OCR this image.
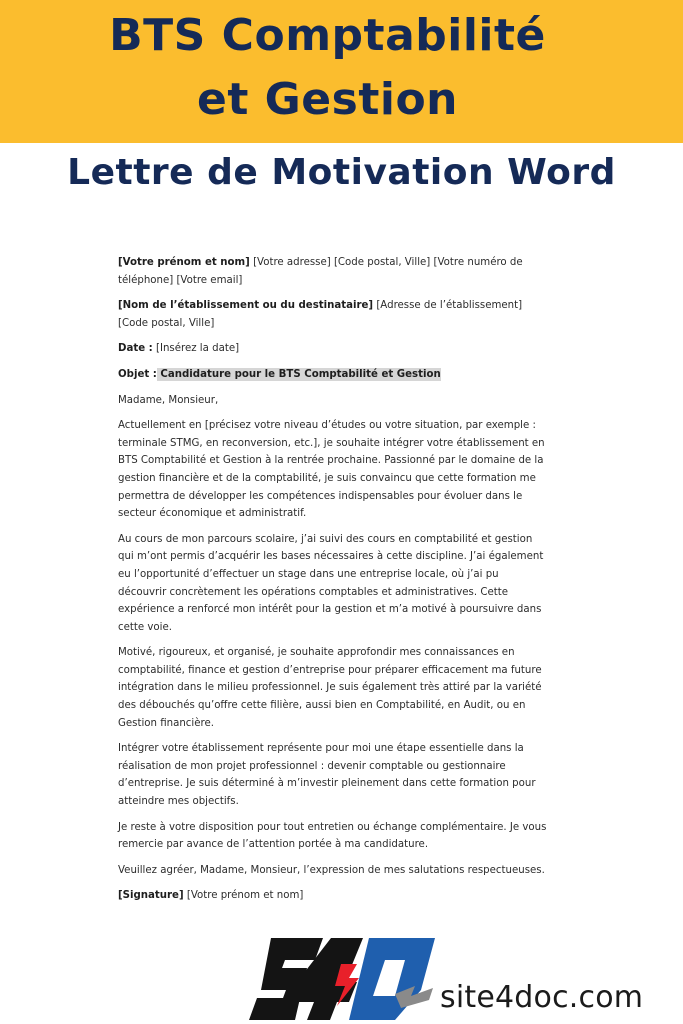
BTS Comptabilité
et Gestion
Lettre de Motivation Word

[Votre prénom et nom] [Votre adresse] [Code postal, Ville] [Votre numéro de téléphone] [Votre email]

[Nom de l’établissement ou du destinataire] [Adresse de l’établissement] [Code postal, Ville]

Date : [Insérez la date]

Objet : Candidature pour le BTS Comptabilité et Gestion

Madame, Monsieur,

Actuellement en [précisez votre niveau d’études ou votre situation, par exemple : terminale STMG, en reconversion, etc.], je souhaite intégrer votre établissement en BTS Comptabilité et Gestion à la rentrée prochaine. Passionné par le domaine de la gestion financière et de la comptabilité, je suis convaincu que cette formation me permettra de développer les compétences indispensables pour évoluer dans le secteur économique et administratif.

Au cours de mon parcours scolaire, j’ai suivi des cours en comptabilité et gestion qui m’ont permis d’acquérir les bases nécessaires à cette discipline. J’ai également eu l’opportunité d’effectuer un stage dans une entreprise locale, où j’ai pu découvrir concrètement les opérations comptables et administratives. Cette expérience a renforcé mon intérêt pour la gestion et m’a motivé à poursuivre dans cette voie.

Motivé, rigoureux, et organisé, je souhaite approfondir mes connaissances en comptabilité, finance et gestion d’entreprise pour préparer efficacement ma future intégration dans le milieu professionnel. Je suis également très attiré par la variété des débouchés qu’offre cette filière, aussi bien en Comptabilité, en Audit, ou en Gestion financière.

Intégrer votre établissement représente pour moi une étape essentielle dans la réalisation de mon projet professionnel : devenir comptable ou gestionnaire d’entreprise. Je suis déterminé à m’investir pleinement dans cette formation pour atteindre mes objectifs.

Je reste à votre disposition pour tout entretien ou échange complémentaire. Je vous remercie par avance de l’attention portée à ma candidature.

Veuillez agréer, Madame, Monsieur, l’expression de mes salutations respectueuses.

[Signature] [Votre prénom et nom]

site4doc.com
